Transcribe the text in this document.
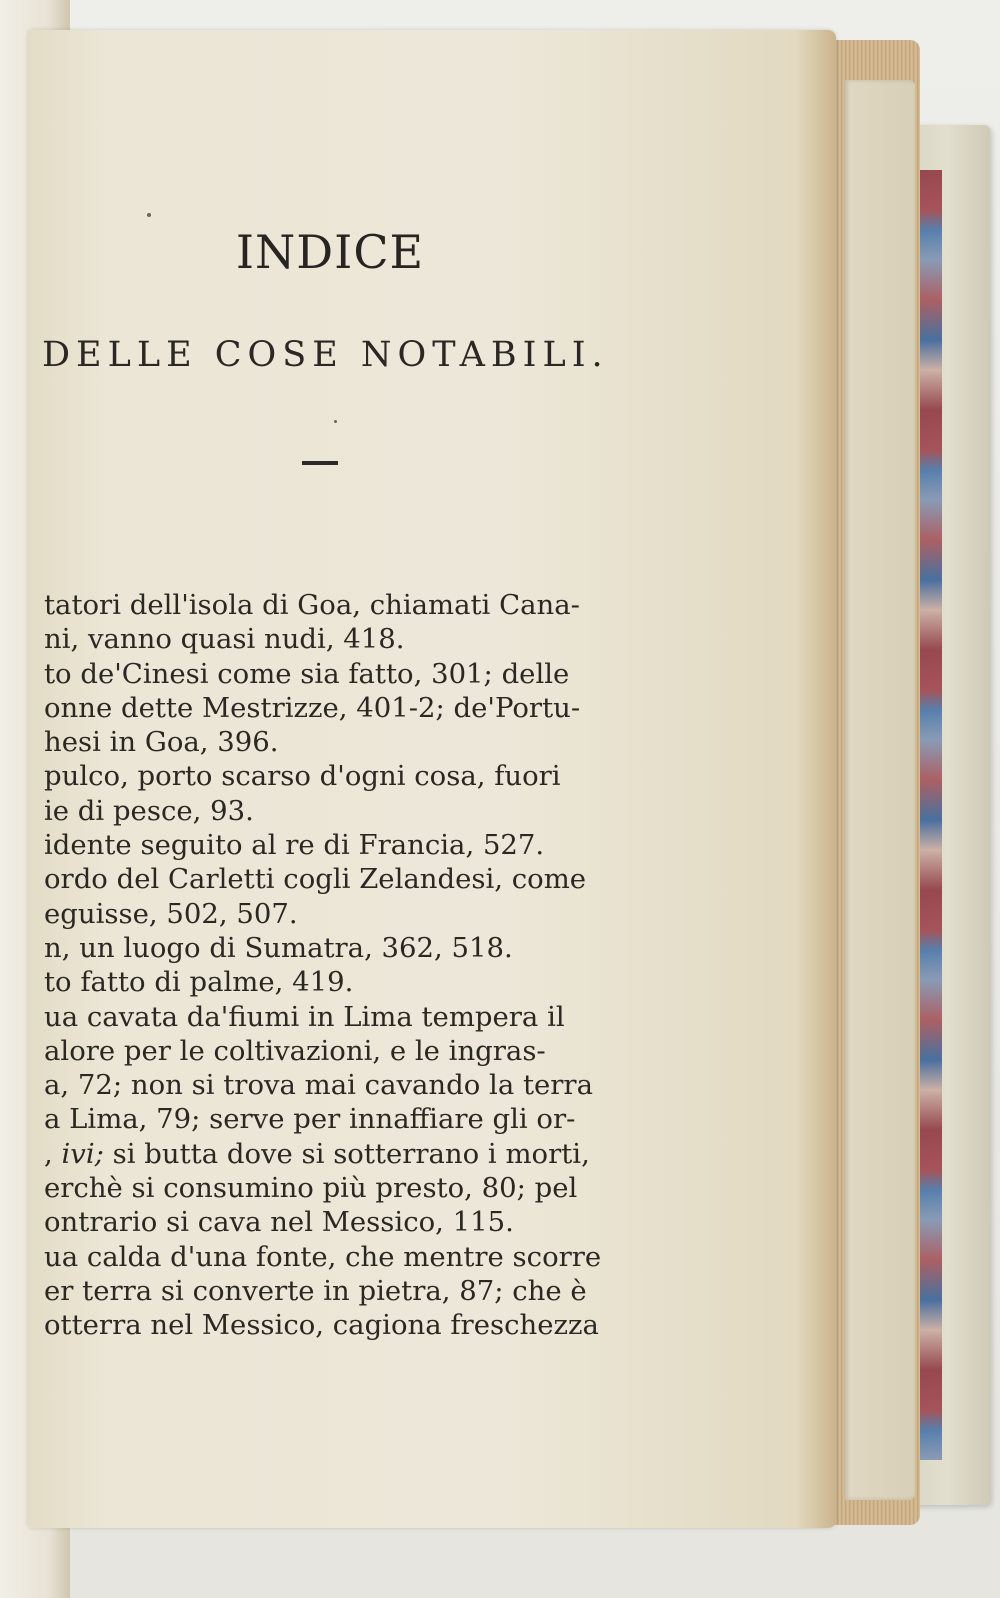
INDICE
DELLE COSE NOTABILI.
tatori dell'isola di Goa, chiamati Cana-
ni, vanno quasi nudi, 418.
to de'Cinesi come sia fatto, 301; delle
onne dette Mestrizze, 401-2; de'Portu-
hesi in Goa, 396.
pulco, porto scarso d'ogni cosa, fuori
ie di pesce, 93.
idente seguito al re di Francia, 527.
ordo del Carletti cogli Zelandesi, come
eguisse, 502, 507.
n, un luogo di Sumatra, 362, 518.
to fatto di palme, 419.
ua cavata da'fiumi in Lima tempera il
alore per le coltivazioni, e le ingras-
a, 72; non si trova mai cavando la terra
a Lima, 79; serve per innaffiare gli or-
, ivi; si butta dove si sotterrano i morti,
erchè si consumino più presto, 80; pel
ontrario si cava nel Messico, 115.
ua calda d'una fonte, che mentre scorre
er terra si converte in pietra, 87; che è
otterra nel Messico, cagiona freschezza
